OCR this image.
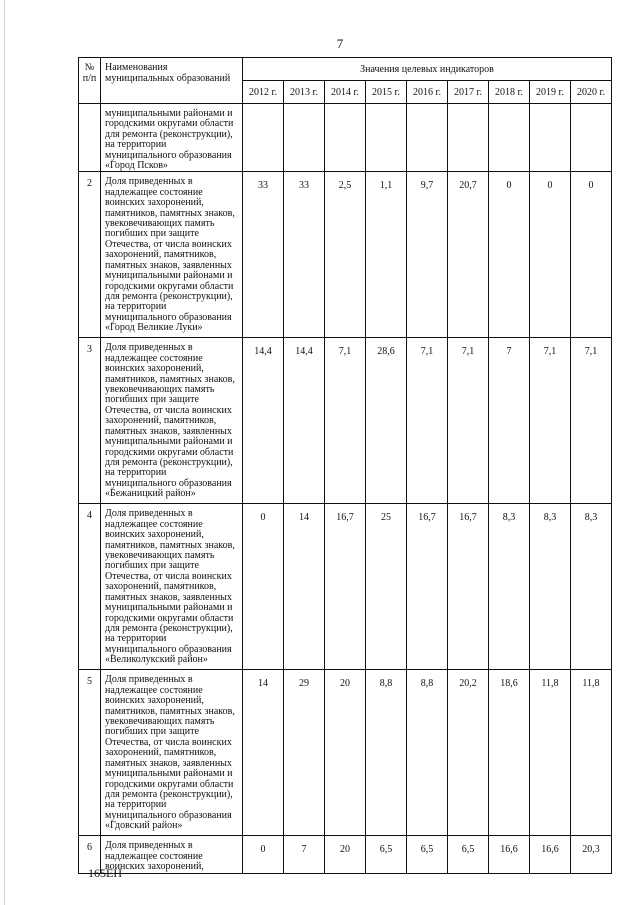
7
№
п/п	Наименования муниципальных образований	Значения целевых индикаторов								
		2012 г.	2013 г.	2014 г.	2015 г.	2016 г.	2017 г.	2018 г.	2019 г.	2020 г.
	муниципальными районами и городскими округами области для ремонта (реконструкции), на территории муниципального образования «Город Псков»									
2	Доля приведенных в надлежащее состояние воинских захоронений, памятников, памятных знаков, увековечивающих память погибших при защите Отечества, от числа воинских захоронений, памятников, памятных знаков, заявленных муниципальными районами и городскими округами области для ремонта (реконструкции), на территории муниципального образования «Город Великие Луки»	33	33	2,5	1,1	9,7	20,7	0	0	0
3	Доля приведенных в надлежащее состояние воинских захоронений, памятников, памятных знаков, увековечивающих память погибших при защите Отечества, от числа воинских захоронений, памятников, памятных знаков, заявленных муниципальными районами и городскими округами области для ремонта (реконструкции), на территории муниципального образования «Бежаницкий район»	14,4	14,4	7,1	28,6	7,1	7,1	7	7,1	7,1
4	Доля приведенных в надлежащее состояние воинских захоронений, памятников, памятных знаков, увековечивающих память погибших при защите Отечества, от числа воинских захоронений, памятников, памятных знаков, заявленных муниципальными районами и городскими округами области для ремонта (реконструкции), на территории муниципального образования «Великолукский район»	0	14	16,7	25	16,7	16,7	8,3	8,3	8,3
5	Доля приведенных в надлежащее состояние воинских захоронений, памятников, памятных знаков, увековечивающих память погибших при защите Отечества, от числа воинских захоронений, памятников, памятных знаков, заявленных муниципальными районами и городскими округами области для ремонта (реконструкции), на территории муниципального образования «Гдовский район»	14	29	20	8,8	8,8	20,2	18,6	11,8	11,8
6	Доля приведенных в надлежащее состояние воинских захоронений,	0	7	20	6,5	6,5	6,5	16,6	16,6	20,3
165ЕН
